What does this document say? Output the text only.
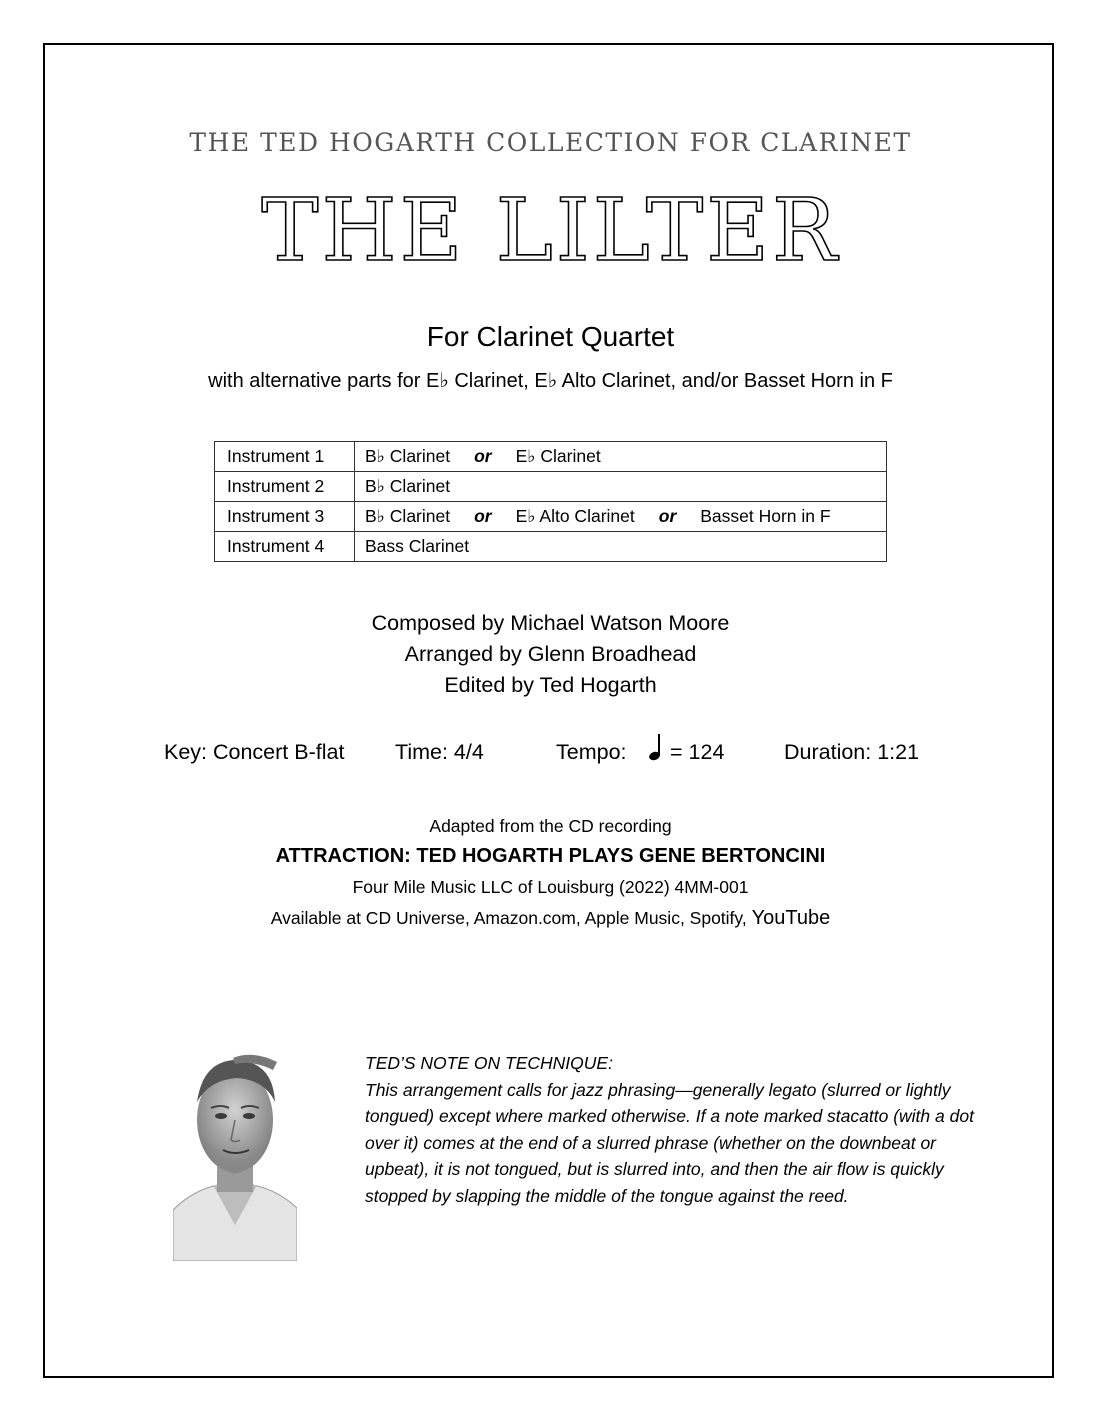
THE TED HOGARTH COLLECTION FOR CLARINET
THE LILTER
For Clarinet Quartet
with alternative parts for E♭ Clarinet, E♭ Alto Clarinet, and/or Basset Horn in F
Instrument 1	B♭ Clarinet or E♭ Clarinet
Instrument 2	B♭ Clarinet
Instrument 3	B♭ Clarinet or E♭ Alto Clarinet or Basset Horn in F
Instrument 4	Bass Clarinet
Composed by Michael Watson Moore
Arranged by Glenn Broadhead
Edited by Ted Hogarth
Key: Concert B-flat Time: 4/4	Tempo: = 124	Duration: 1:21
Adapted from the CD recording
ATTRACTION: TED HOGARTH PLAYS GENE BERTONCINI
Four Mile Music LLC of Louisburg (2022) 4MM-001
Available at CD Universe, Amazon.com, Apple Music, Spotify, YouTube
TED’S NOTE ON TECHNIQUE:
This arrangement calls for jazz phrasing—generally legato (slurred or lightly tongued) except where marked otherwise. If a note marked stacatto (with a dot over it) comes at the end of a slurred phrase (whether on the downbeat or upbeat), it is not tongued, but is slurred into, and then the air flow is quickly stopped by slapping the middle of the tongue against the reed.
